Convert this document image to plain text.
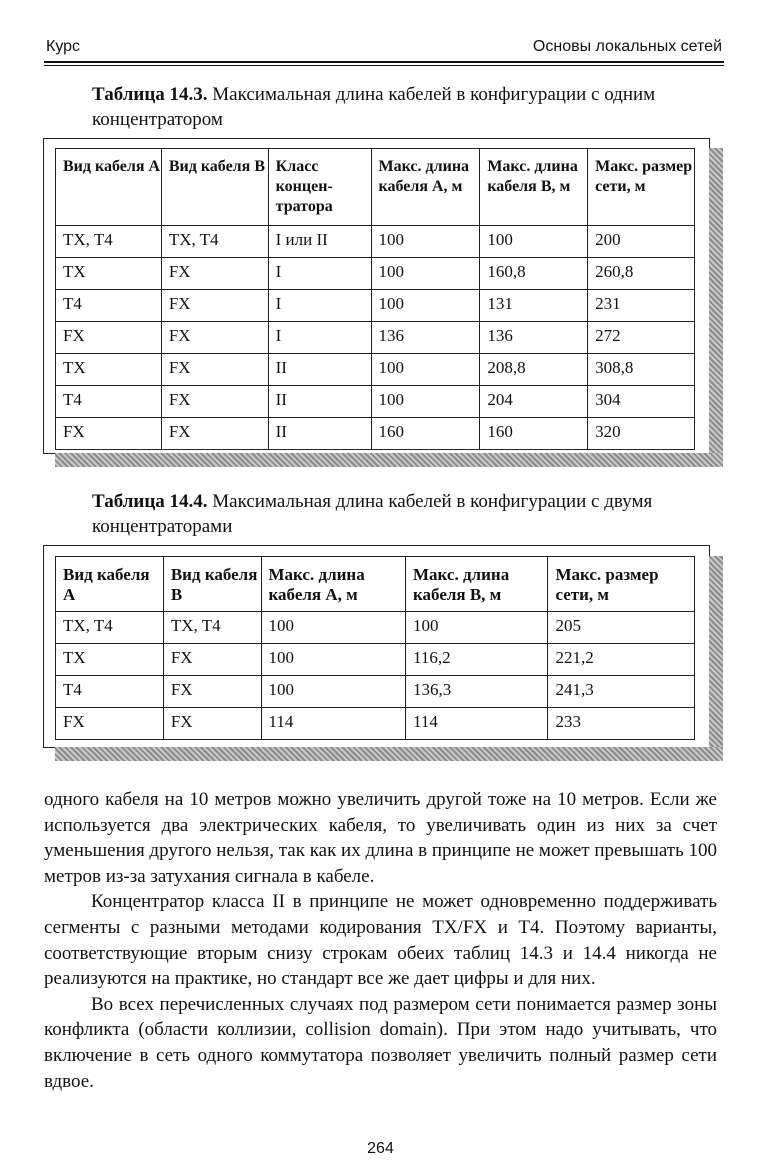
Курс	Основы локальных сетей
Таблица 14.3. Максимальная длина кабелей в конфигурации с одним концентратором
Вид кабеля А	Вид кабеля В	Класс концен-тратора	Макс. длина кабеля А, м	Макс. длина кабеля В, м	Макс. размер сети, м
TX, T4	TX, T4	I или II	100	100	200
TX	FX	I	100	160,8	260,8
T4	FX	I	100	131	231
FX	FX	I	136	136	272
TX	FX	II	100	208,8	308,8
T4	FX	II	100	204	304
FX	FX	II	160	160	320
Таблица 14.4. Максимальная длина кабелей в конфигурации с двумя концентраторами
Вид кабеля А	Вид кабеля В	Макс. длина кабеля А, м	Макс. длина кабеля В, м	Макс. размер сети, м
TX, T4	TX, T4	100	100	205
TX	FX	100	116,2	221,2
T4	FX	100	136,3	241,3
FX	FX	114	114	233

одного кабеля на 10 метров можно увеличить другой тоже на 10 метров. Если же используется два электрических кабеля, то увеличивать один из них за счет уменьшения другого нельзя, так как их длина в принципе не может превышать 100 метров из-за затухания сигнала в кабеле.

Концентратор класса II в принципе не может одновременно поддерживать сегменты с разными методами кодирования TX/FX и T4. Поэтому варианты, соответствующие вторым снизу строкам обеих таблиц 14.3 и 14.4 никогда не реализуются на практике, но стандарт все же дает цифры и для них.

Во всех перечисленных случаях под размером сети понимается размер зоны конфликта (области коллизии, collision domain). При этом надо учитывать, что включение в сеть одного коммутатора позволяет увеличить полный размер сети вдвое.

264
